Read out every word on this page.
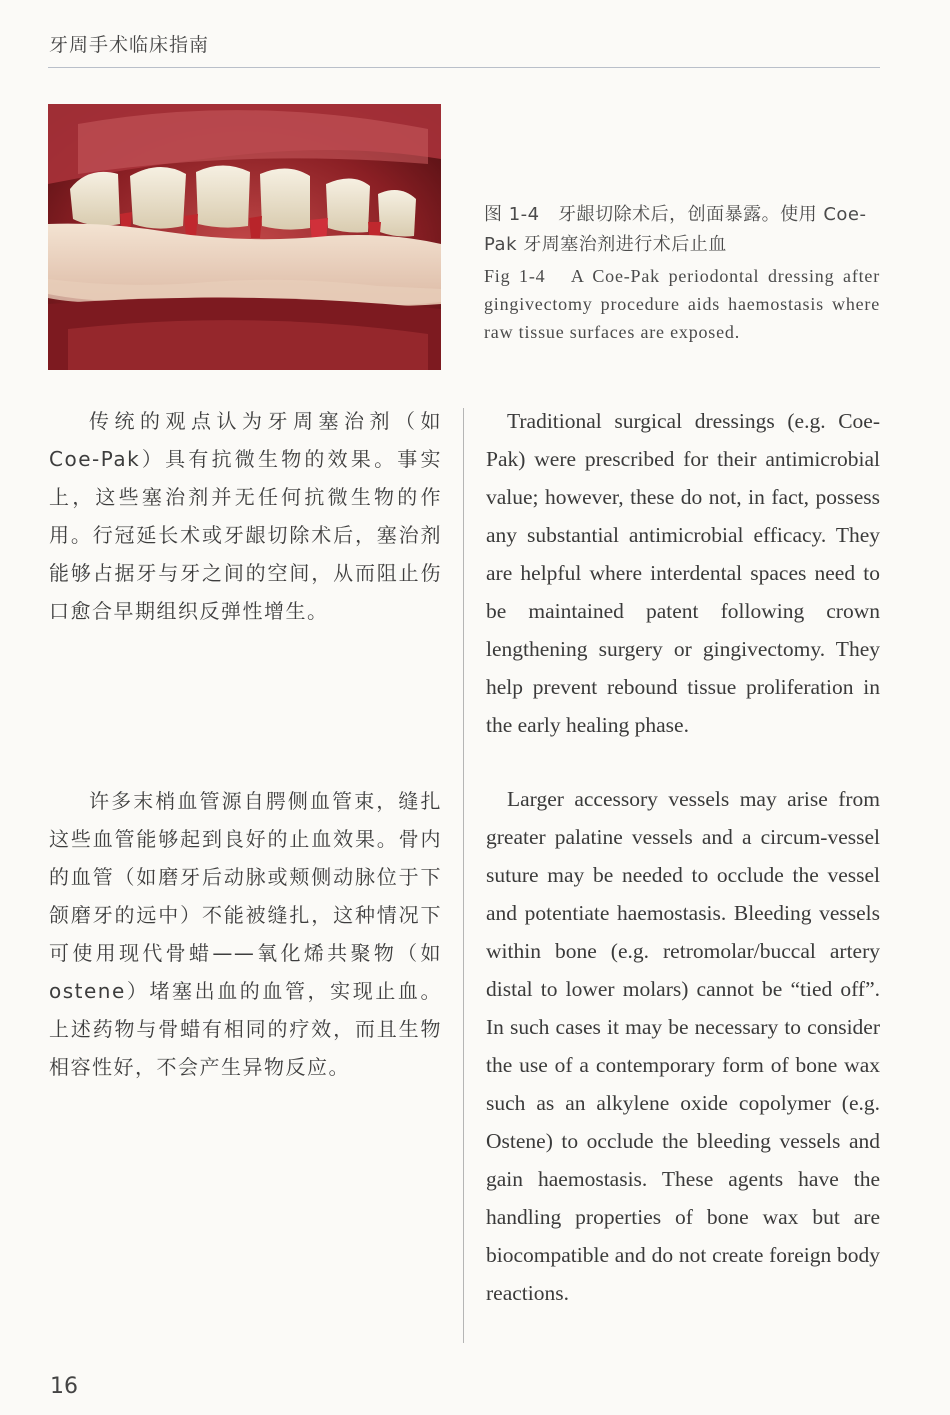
牙周手术临床指南

图 1-4　牙龈切除术后，创面暴露。使用 Coe-Pak 牙周塞治剂进行术后止血

Fig 1-4　A Coe-Pak periodontal dressing after gingivectomy procedure aids haemostasis where raw tissue surfaces are exposed.

传统的观点认为牙周塞治剂（如 Coe-Pak）具有抗微生物的效果。事实上，这些塞治剂并无任何抗微生物的作用。行冠延长术或牙龈切除术后，塞治剂能够占据牙与牙之间的空间，从而阻止伤口愈合早期组织反弹性增生。

许多末梢血管源自腭侧血管束，缝扎这些血管能够起到良好的止血效果。骨内的血管（如磨牙后动脉或颊侧动脉位于下颌磨牙的远中）不能被缝扎，这种情况下可使用现代骨蜡——氧化烯共聚物（如 ostene）堵塞出血的血管，实现止血。上述药物与骨蜡有相同的疗效，而且生物相容性好，不会产生异物反应。

Traditional surgical dressings (e.g. Coe-Pak) were prescribed for their antimicrobial value; however, these do not, in fact, possess any substantial antimicrobial efficacy. They are helpful where interdental spaces need to be maintained patent following crown lengthening surgery or gingivectomy. They help prevent rebound tissue proliferation in the early healing phase.

Larger accessory vessels may arise from greater palatine vessels and a circum-vessel suture may be needed to occlude the vessel and potentiate haemostasis. Bleeding vessels within bone (e.g. retromolar/buccal artery distal to lower molars) cannot be “tied off”. In such cases it may be necessary to consider the use of a contemporary form of bone wax such as an alkylene oxide copolymer (e.g. Ostene) to occlude the bleeding vessels and gain haemostasis. These agents have the handling properties of bone wax but are biocompatible and do not create foreign body reactions.

16
